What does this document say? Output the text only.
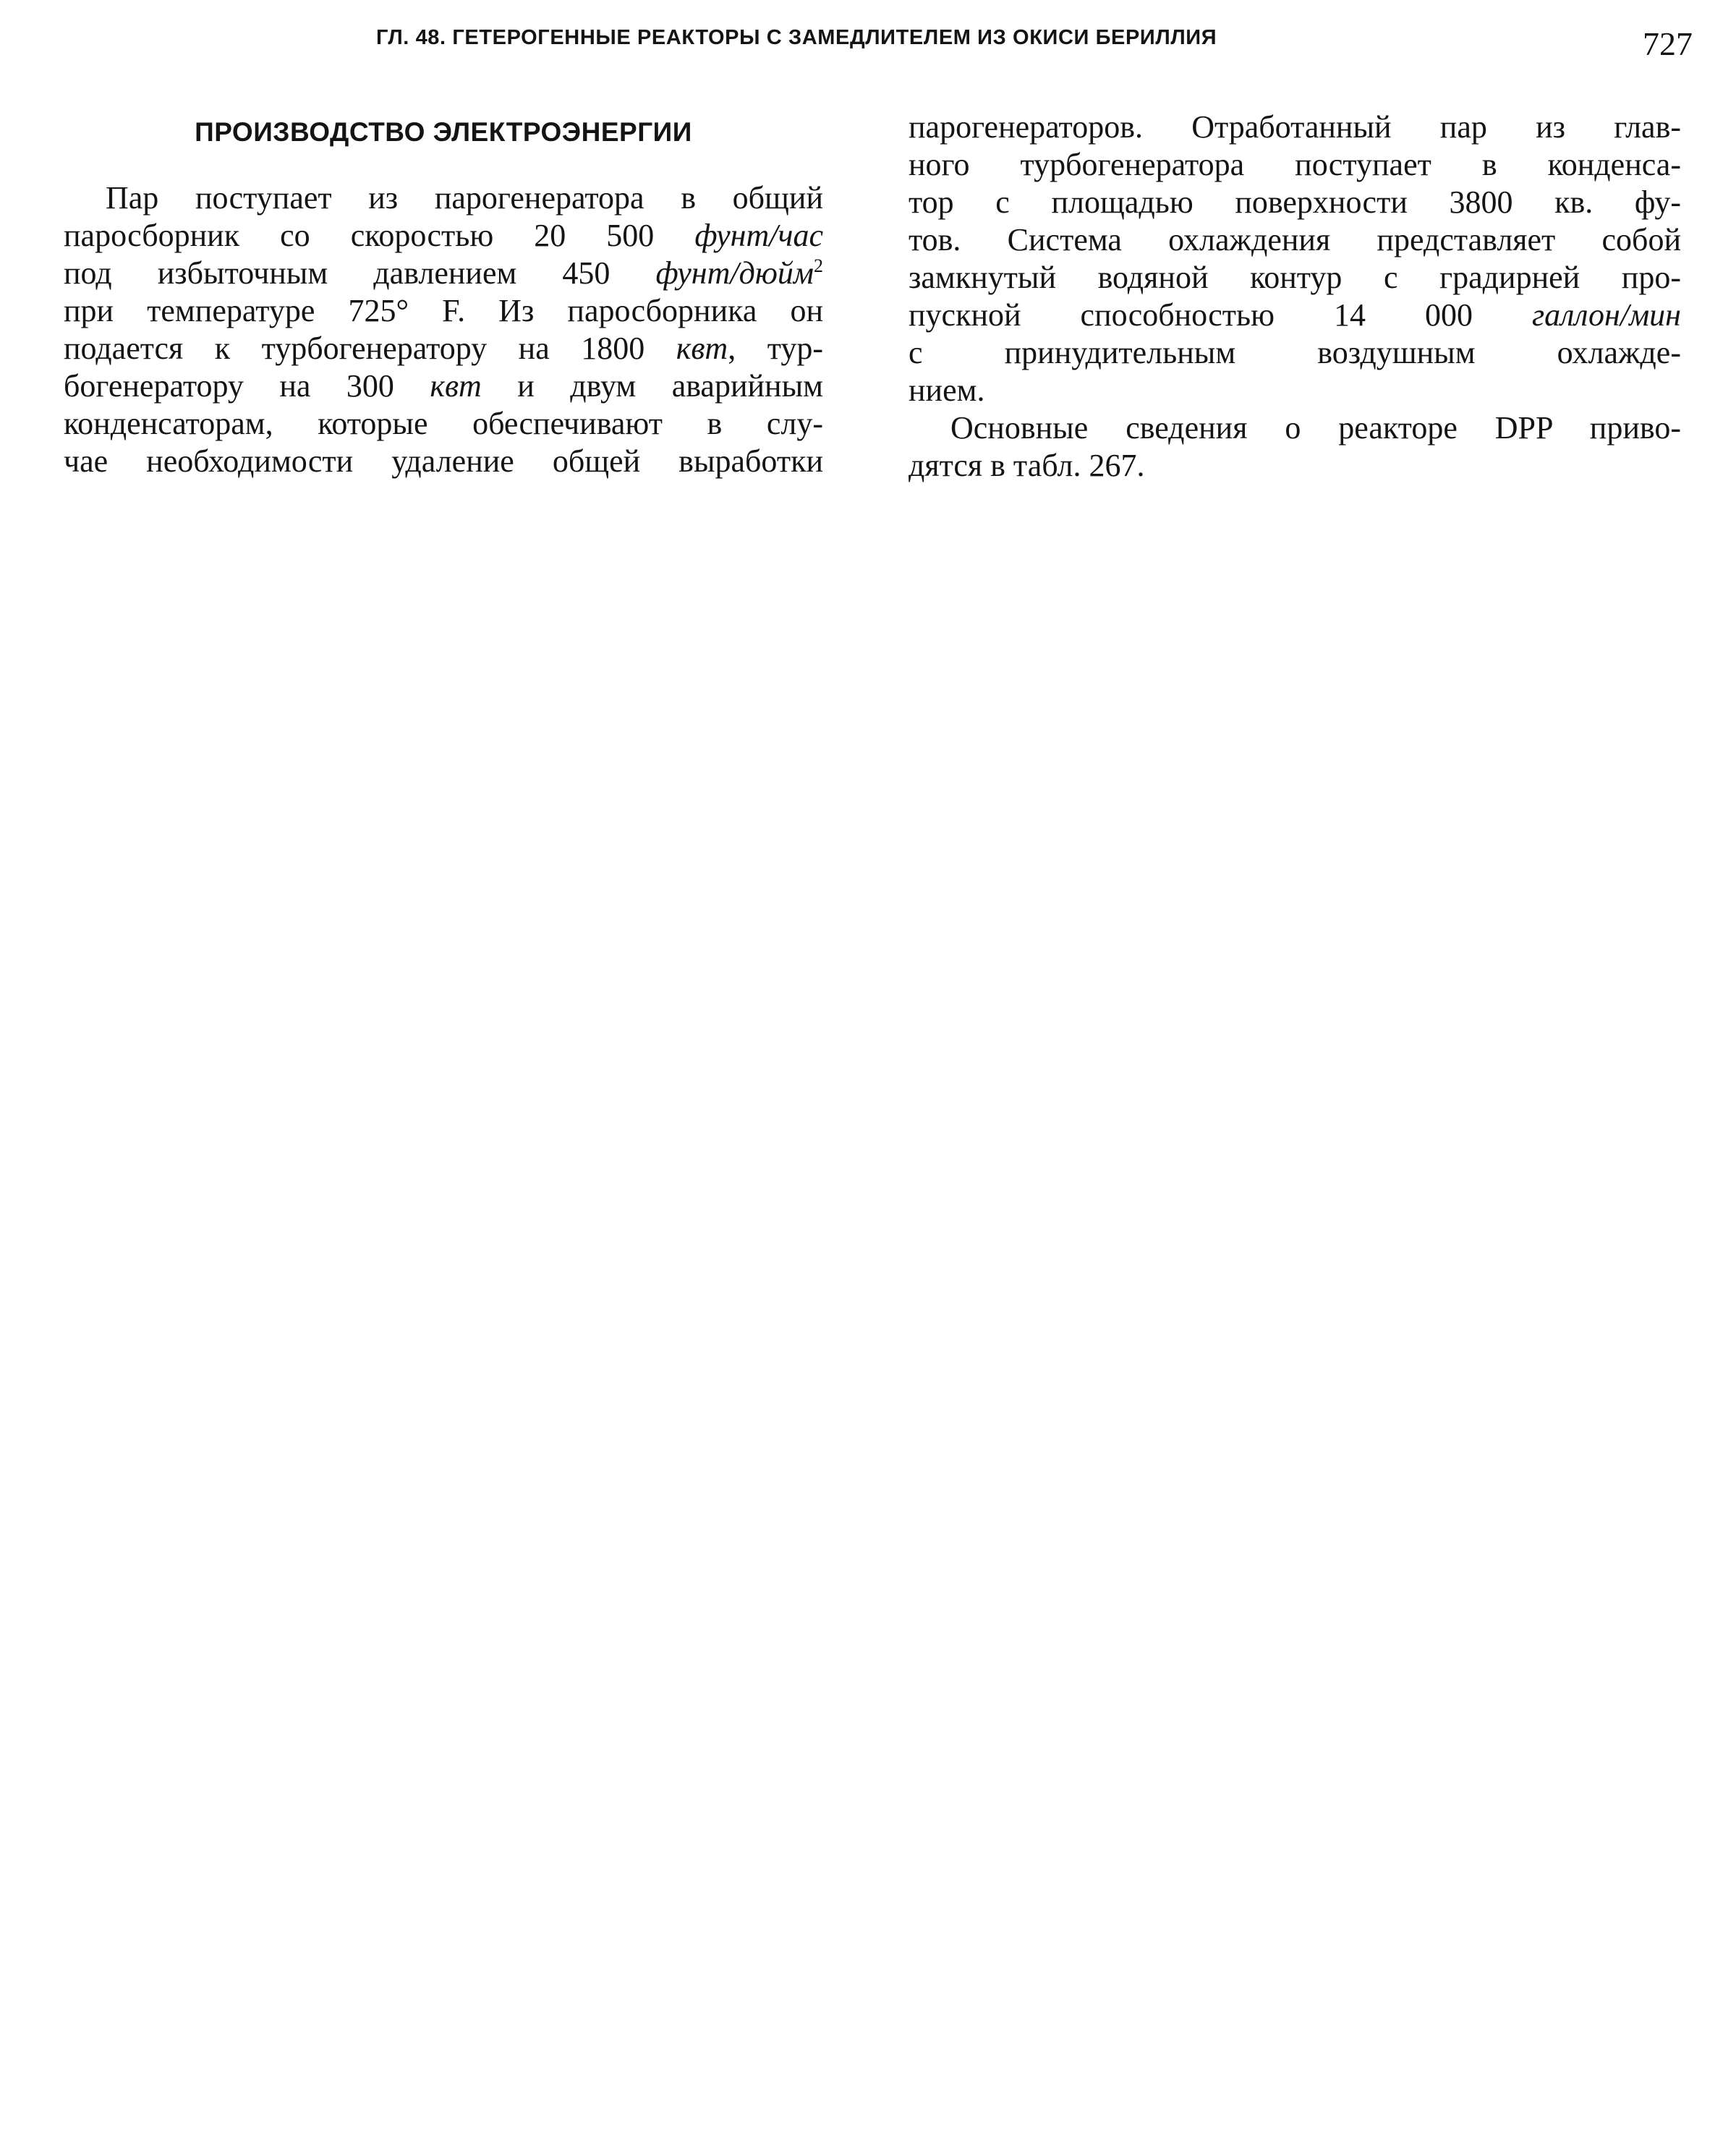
ГЛ. 48. ГЕТЕРОГЕННЫЕ РЕАКТОРЫ С ЗАМЕДЛИТЕЛЕМ ИЗ ОКИСИ БЕРИЛЛИЯ	727
ПРОИЗВОДСТВО ЭЛЕКТРОЭНЕРГИИ
Пар поступает из парогенератора в общий
паросборник со скоростью 20 500 фунт/час
под избыточным давлением 450 фунт/дюйм$^2$
при температуре 725° F. Из паросборника он
подается к турбогенератору на 1800 квт, тур-
богенератору на 300 квт и двум аварийным
конденсаторам, которые обеспечивают в слу-
чае необходимости удаление общей выработки
парогенераторов. Отработанный пар из глав-
ного турбогенератора поступает в конденса-
тор с площадью поверхности 3800 кв. фу-
тов. Система охлаждения представляет собой
замкнутый водяной контур с градирней про-
пускной способностью 14 000 галлон/мин
с принудительным воздушным охлажде-
нием.
Основные сведения о реакторе DPP приво-
дятся в табл. 267.
